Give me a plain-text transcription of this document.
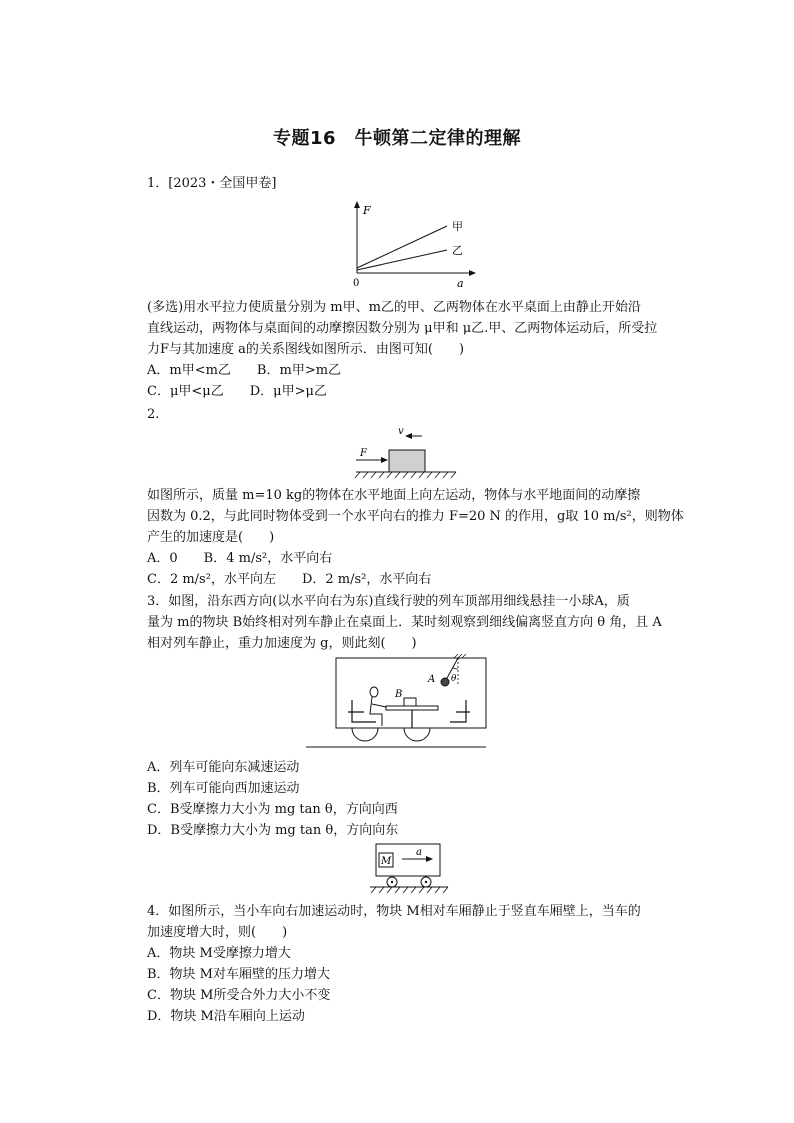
专题16　牛顿第二定律的理解
1．[2023・全国甲卷]
F
0	a
甲
乙
(多选)用水平拉力使质量分别为 m甲、m乙的甲、乙两物体在水平桌面上由静止开始沿
直线运动，两物体与桌面间的动摩擦因数分别为 μ甲和 μ乙.甲、乙两物体运动后，所受拉
力F与其加速度 a的关系图线如图所示．由图可知(　　)
A．m甲<m乙　　B．m甲>m乙
C．μ甲<μ乙　　D．μ甲>μ乙
2.
v
F
如图所示，质量 m=10 kg的物体在水平地面上向左运动，物体与水平地面间的动摩擦
因数为 0.2，与此同时物体受到一个水平向右的推力 F=20 N 的作用，g取 10 m/s²，则物体
产生的加速度是(　　)
A．0　　B．4 m/s²，水平向右
C．2 m/s²，水平向左　　D．2 m/s²，水平向右
3．如图，沿东西方向(以水平向右为东)直线行驶的列车顶部用细线悬挂一小球A，质
量为 m的物块 B始终相对列车静止在桌面上．某时刻观察到细线偏离竖直方向 θ 角，且 A
相对列车静止，重力加速度为 g，则此刻(　　)
B
A θ
A．列车可能向东减速运动
B．列车可能向西加速运动
C．B受摩擦力大小为 mg tan θ，方向向西
D．B受摩擦力大小为 mg tan θ，方向向东
M
a
4．如图所示，当小车向右加速运动时，物块 M相对车厢静止于竖直车厢壁上，当车的
加速度增大时，则(　　)
A．物块 M受摩擦力增大
B．物块 M对车厢壁的压力增大
C．物块 M所受合外力大小不变
D．物块 M沿车厢向上运动
